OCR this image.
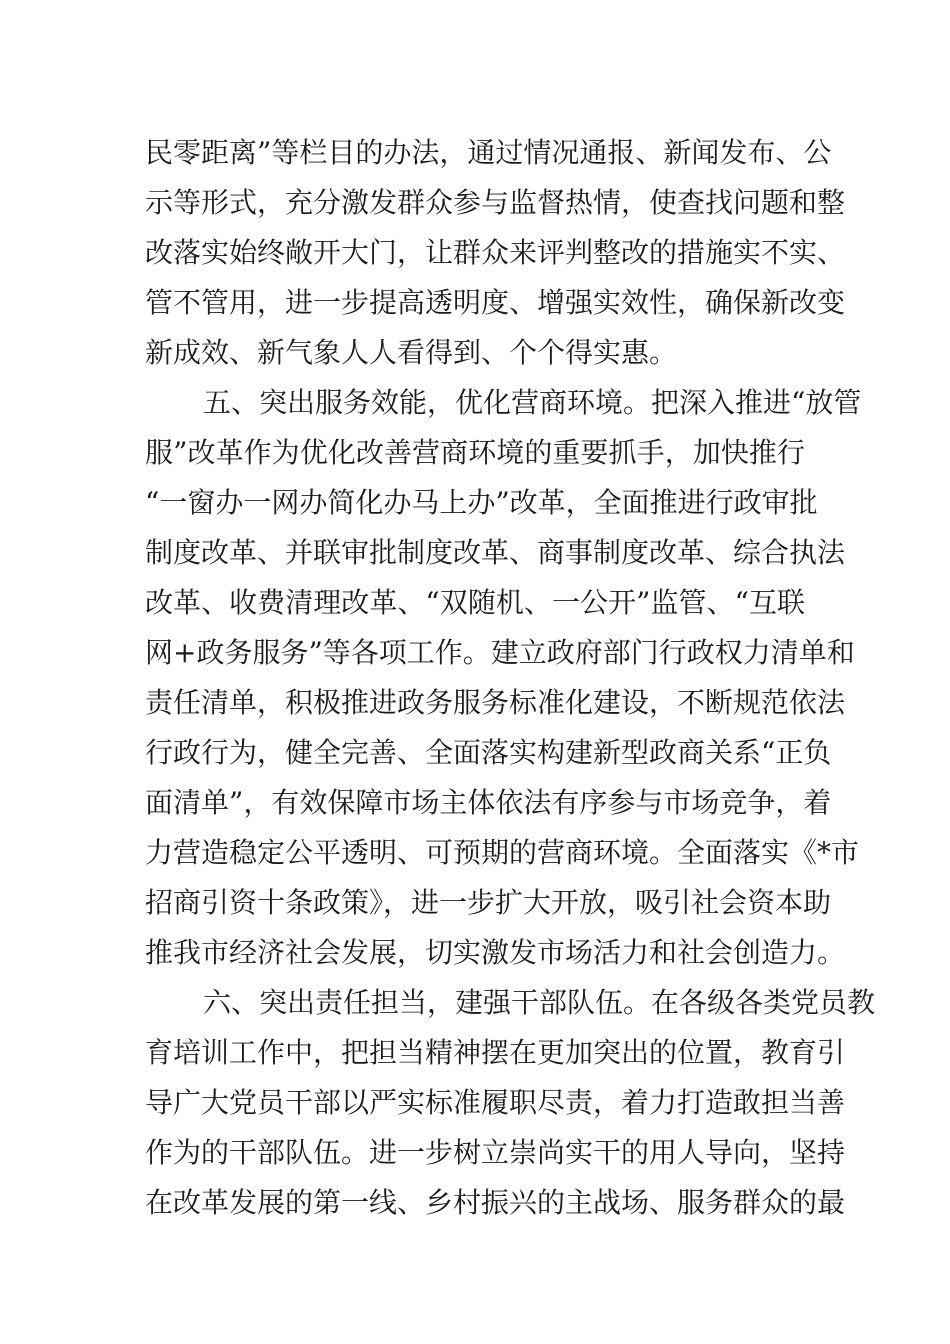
民零距离”等栏目的办法，通过情况通报、新闻发布、公
示等形式，充分激发群众参与监督热情，使查找问题和整
改落实始终敞开大门，让群众来评判整改的措施实不实、
管不管用，进一步提高透明度、增强实效性，确保新改变
新成效、新气象人人看得到、个个得实惠。
五、突出服务效能，优化营商环境。把深入推进“放管
服”改革作为优化改善营商环境的重要抓手，加快推行
“一窗办一网办简化办马上办”改革，全面推进行政审批
制度改革、并联审批制度改革、商事制度改革、综合执法
改革、收费清理改革、“双随机、一公开”监管、“互联
网+政务服务”等各项工作。建立政府部门行政权力清单和
责任清单，积极推进政务服务标准化建设，不断规范依法
行政行为，健全完善、全面落实构建新型政商关系“正负
面清单”，有效保障市场主体依法有序参与市场竞争，着
力营造稳定公平透明、可预期的营商环境。全面落实《*市
招商引资十条政策》，进一步扩大开放，吸引社会资本助
推我市经济社会发展，切实激发市场活力和社会创造力。
六、突出责任担当，建强干部队伍。在各级各类党员教
育培训工作中，把担当精神摆在更加突出的位置，教育引
导广大党员干部以严实标准履职尽责，着力打造敢担当善
作为的干部队伍。进一步树立崇尚实干的用人导向，坚持
在改革发展的第一线、乡村振兴的主战场、服务群众的最
